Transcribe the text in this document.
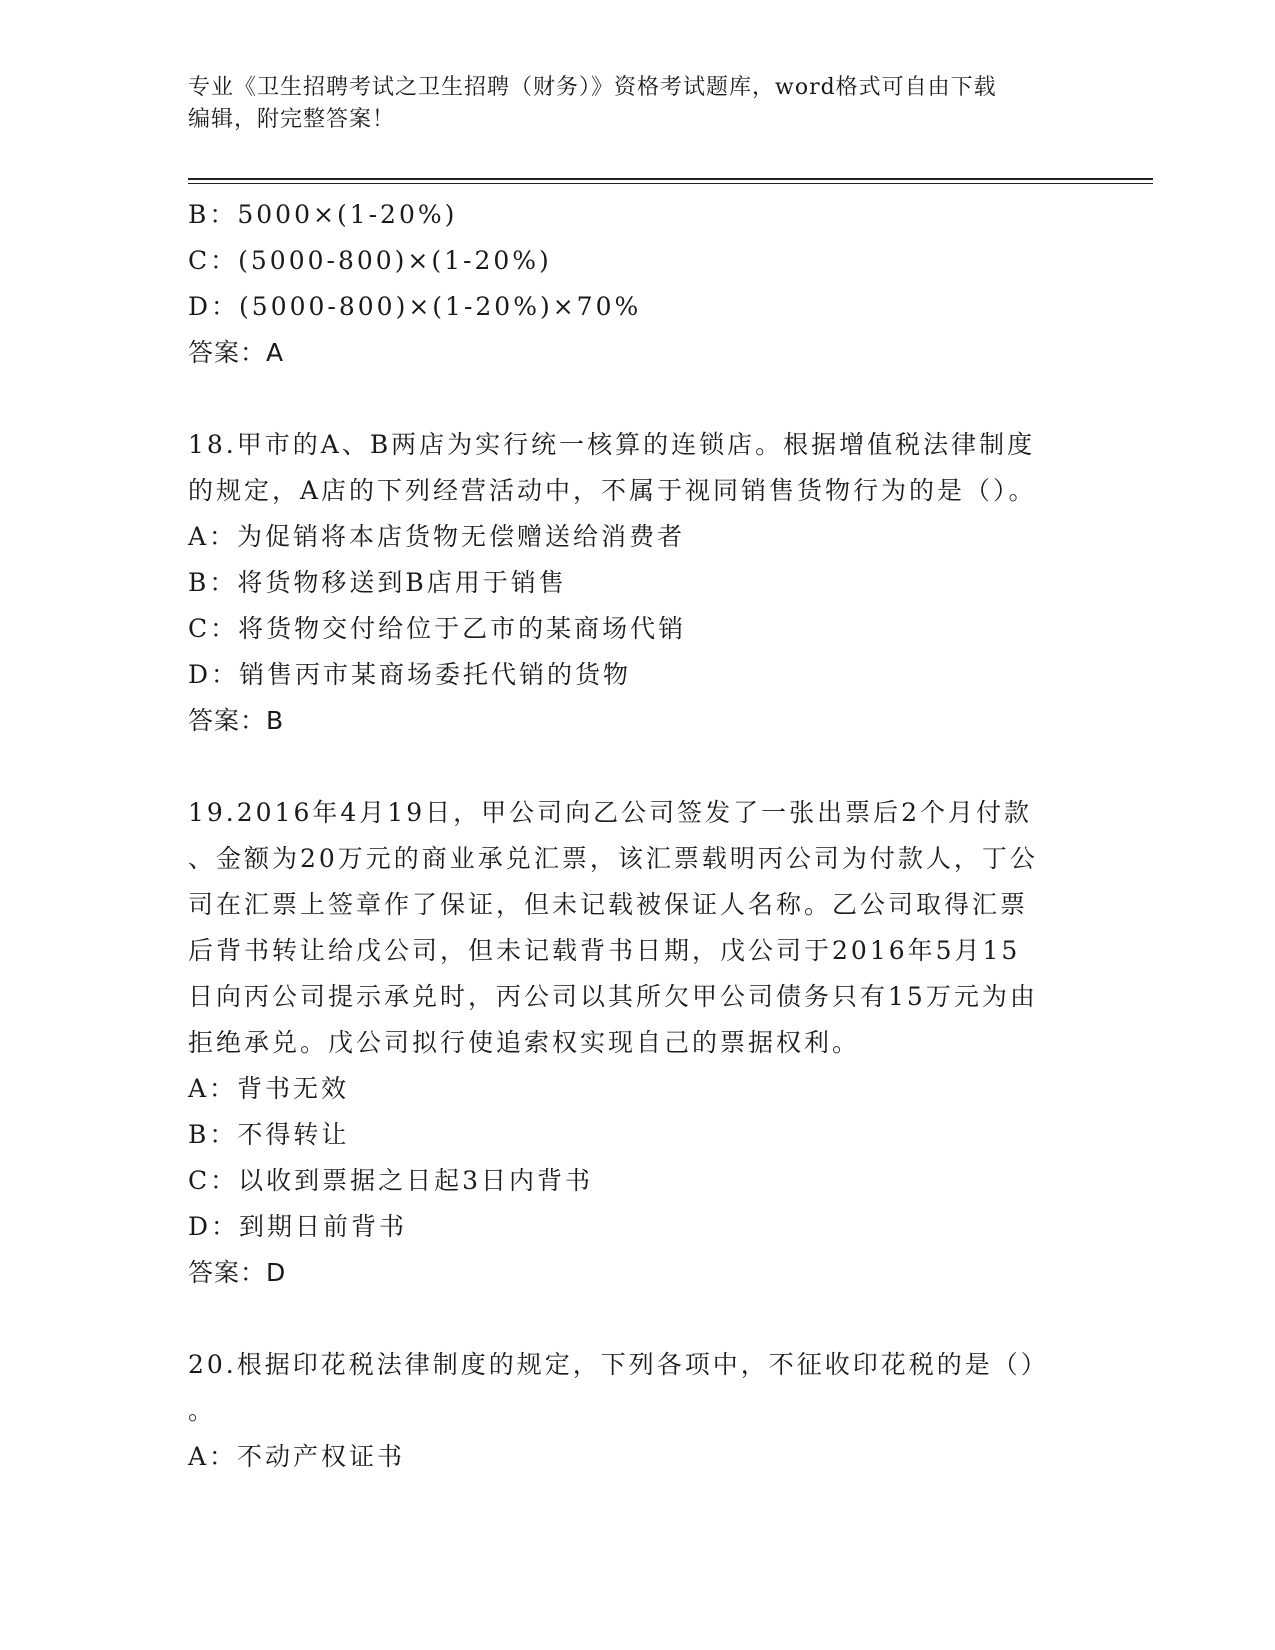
专业《卫生招聘考试之卫生招聘（财务）》资格考试题库，word格式可自由下载
编辑，附完整答案！
B：5000×(1-20%)
C：(5000-800)×(1-20%)
D：(5000-800)×(1-20%)×70%
答案：A
18.甲市的A、B两店为实行统一核算的连锁店。根据增值税法律制度
的规定，A店的下列经营活动中，不属于视同销售货物行为的是（）。
A：为促销将本店货物无偿赠送给消费者
B：将货物移送到B店用于销售
C：将货物交付给位于乙市的某商场代销
D：销售丙市某商场委托代销的货物
答案：B
19.2016年4月19日，甲公司向乙公司签发了一张出票后2个月付款
、金额为20万元的商业承兑汇票，该汇票载明丙公司为付款人，丁公
司在汇票上签章作了保证，但未记载被保证人名称。乙公司取得汇票
后背书转让给戊公司，但未记载背书日期，戊公司于2016年5月15
日向丙公司提示承兑时，丙公司以其所欠甲公司债务只有15万元为由
拒绝承兑。戊公司拟行使追索权实现自己的票据权利。
A：背书无效
B：不得转让
C：以收到票据之日起3日内背书
D：到期日前背书
答案：D
20.根据印花税法律制度的规定，下列各项中，不征收印花税的是（）
。
A：不动产权证书
